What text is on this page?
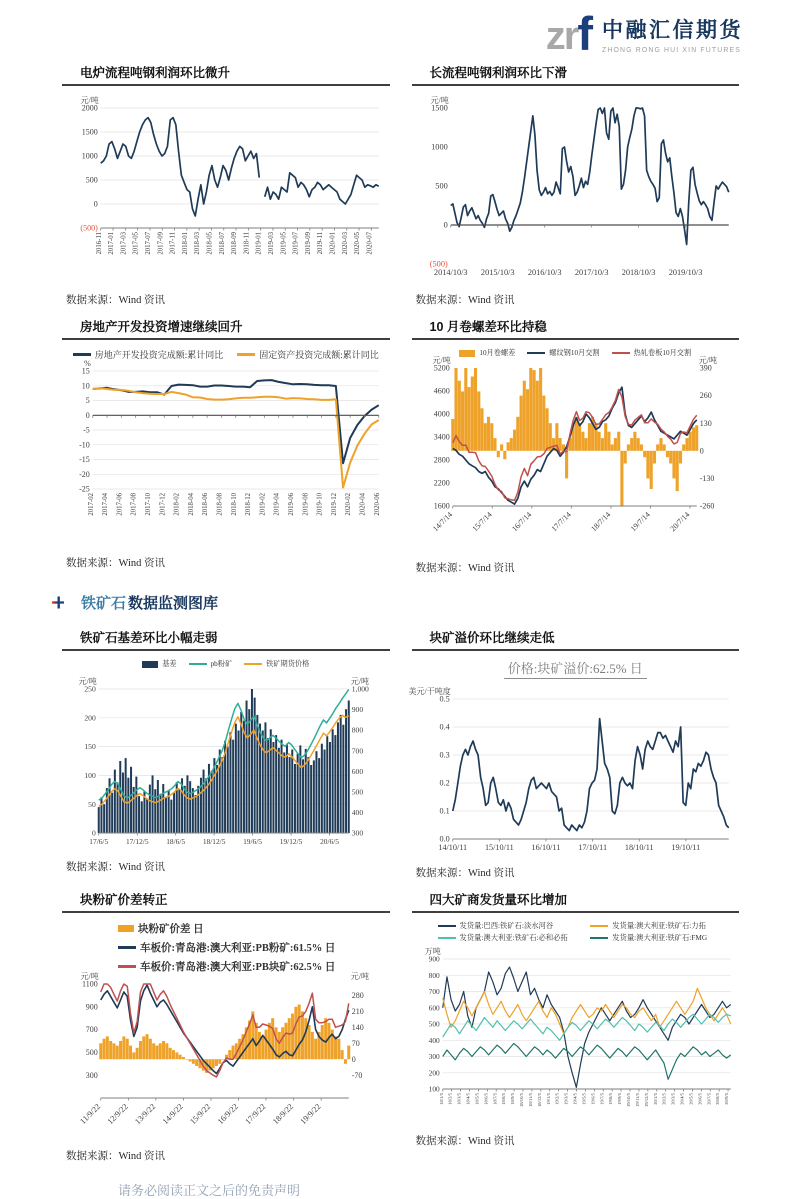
zr f 中融汇信期货
ZHONG RONG HUI XIN FUTURES
电炉流程吨钢利润环比微升
(500)
0
500
1000
1500
2000
元/吨
2016-11 2017-01 2017-03 2017-05 2017-07 2017-09 2017-11 2018-01 2018-03 2018-05 2018-07 2018-09 2018-11 2019-01 2019-03 2019-05 2019-07 2019-09 2019-11 2020-01 2020-03 2020-05 2020-07

数据来源：Wind 资讯

长流程吨钢利润环比下滑
(500)
0
500
1000
1500
元/吨
2014/10/3 2015/10/3 2016/10/3 2017/10/3 2018/10/3 2019/10/3

数据来源：Wind 资讯

房地产开发投资增速继续回升
房地产开发投资完成额:累计同比	固定资产投资完成额:累计同比
-25
-20
-15
-10
-5
0
5
10
15
%
2017-02 2017-04 2017-06 2017-08 2017-10 2017-12 2018-02 2018-04 2018-06 2018-08 2018-10 2018-12 2019-02 2019-04 2019-06 2019-08 2019-10 2019-12 2020-02 2020-04 2020-06

数据来源：Wind 资讯

10 月卷螺差环比持稳
10月卷螺差	螺纹钢10月交割	热轧卷板10月交割
1600
2200
2800
3400
4000
4600
5200
-260
-130
0
130
260
390
元/吨	元/吨
14/7/14 15/7/14 16/7/14 17/7/14 18/7/14 19/7/14 20/7/14

数据来源：Wind 资讯

铁矿石 数据监测图库
铁矿石基差环比小幅走弱
基差	pb粉矿	铁矿期货价格
0
50
100
150
200
250
300
400
500
600
700
800
900
1,000
元/吨	元/吨
17/6/5 17/12/5 18/6/5 18/12/5 19/6/5 19/12/5 20/6/5

数据来源：Wind 资讯

块矿溢价环比继续走低
价格:块矿溢价:62.5% 日
0.0
0.1
0.2
0.3
0.4
0.5
美元/干吨度
14/10/11 15/10/11 16/10/11 17/10/11 18/10/11 19/10/11

数据来源：Wind 资讯

块粉矿价差转正
块粉矿价差 日
车板价:青岛港:澳大利亚:PB粉矿:61.5% 日
车板价:青岛港:澳大利亚:PB块矿:62.5% 日
300
500
700
900
1100
-70
0
70
140
210
280
元/吨	元/吨
11/9/22 12/9/22 13/9/22 14/9/22 15/9/22 16/9/22 17/9/22 18/9/22 19/9/22

数据来源：Wind 资讯

四大矿商发货量环比增加
发货量:巴西:铁矿石:淡水河谷	发货量:澳大利亚:铁矿石:力拓
发货量:澳大利亚:铁矿石:必和必拓	发货量:澳大利亚:铁矿石:FMG
100
200
300
400
500
600
700
800
900
万吨
18/1/5 18/2/5 18/3/5 18/4/5 18/5/5 18/6/5 18/7/5 18/8/5 18/9/5 18/10/5 18/11/5 18/12/5 19/1/5 19/2/5 19/3/5 19/4/5 19/5/5 19/6/5 19/7/5 19/8/5 19/9/5 19/10/5 19/11/5 19/12/5 20/1/5 20/2/5 20/3/5 20/4/5 20/5/5 20/6/5 20/7/5 20/8/5 20/9/5

数据来源：Wind 资讯

请务必阅读正文之后的免责声明
